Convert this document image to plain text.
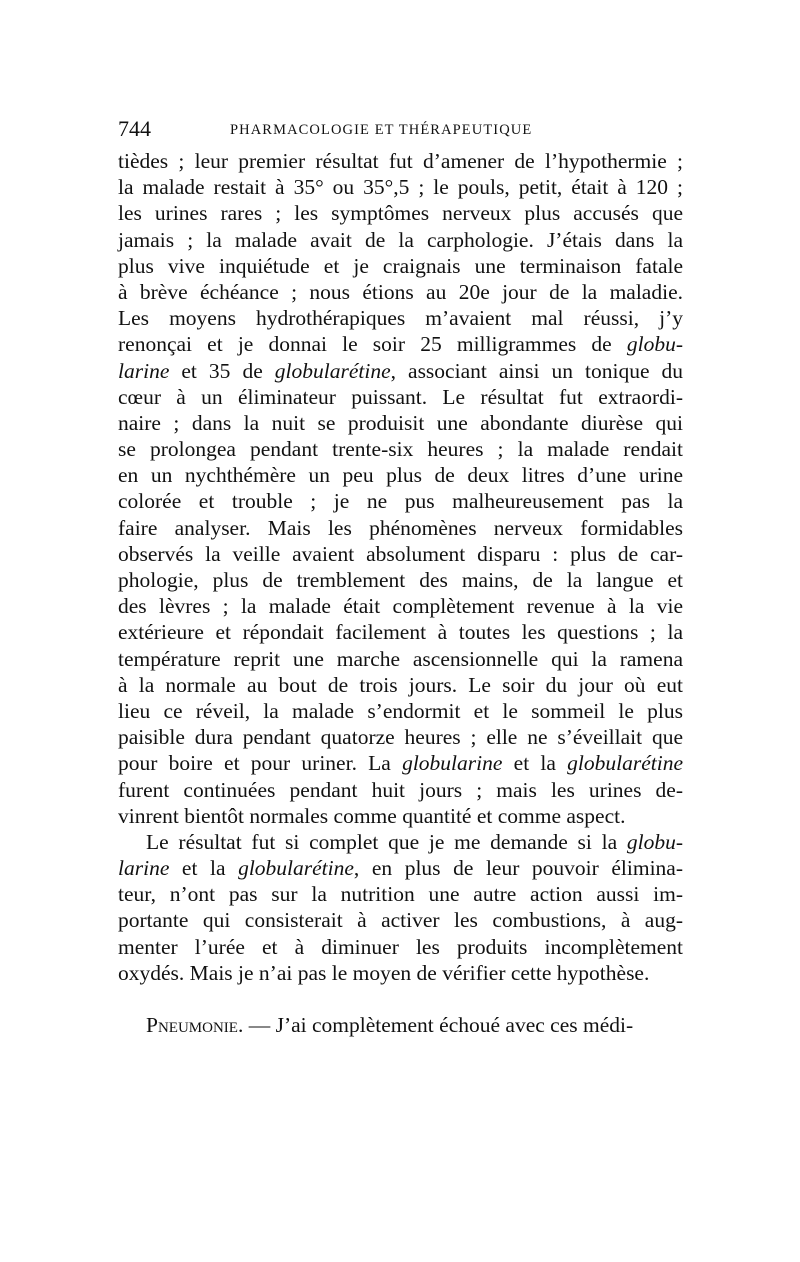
744	PHARMACOLOGIE ET THÉRAPEUTIQUE
tièdes ; leur premier résultat fut d’amener de l’hypothermie ;
la malade restait à 35° ou 35°,5 ; le pouls, petit, était à 120 ;
les urines rares ; les symptômes nerveux plus accusés que
jamais ; la malade avait de la carphologie. J’étais dans la
plus vive inquiétude et je craignais une terminaison fatale
à brève échéance ; nous étions au 20e jour de la maladie.
Les moyens hydrothérapiques m’avaient mal réussi, j’y
renonçai et je donnai le soir 25 milligrammes de globu-
larine et 35 de globularétine, associant ainsi un tonique du
cœur à un éliminateur puissant. Le résultat fut extraordi-
naire ; dans la nuit se produisit une abondante diurèse qui
se prolongea pendant trente-six heures ; la malade rendait
en un nychthémère un peu plus de deux litres d’une urine
colorée et trouble ; je ne pus malheureusement pas la
faire analyser. Mais les phénomènes nerveux formidables
observés la veille avaient absolument disparu : plus de car-
phologie, plus de tremblement des mains, de la langue et
des lèvres ; la malade était complètement revenue à la vie
extérieure et répondait facilement à toutes les questions ; la
température reprit une marche ascensionnelle qui la ramena
à la normale au bout de trois jours. Le soir du jour où eut
lieu ce réveil, la malade s’endormit et le sommeil le plus
paisible dura pendant quatorze heures ; elle ne s’éveillait que
pour boire et pour uriner. La globularine et la globularétine
furent continuées pendant huit jours ; mais les urines de-
vinrent bientôt normales comme quantité et comme aspect.
Le résultat fut si complet que je me demande si la globu-
larine et la globularétine, en plus de leur pouvoir élimina-
teur, n’ont pas sur la nutrition une autre action aussi im-
portante qui consisterait à activer les combustions, à aug-
menter l’urée et à diminuer les produits incomplètement
oxydés. Mais je n’ai pas le moyen de vérifier cette hypothèse.
Pneumonie. — J’ai complètement échoué avec ces médi-
